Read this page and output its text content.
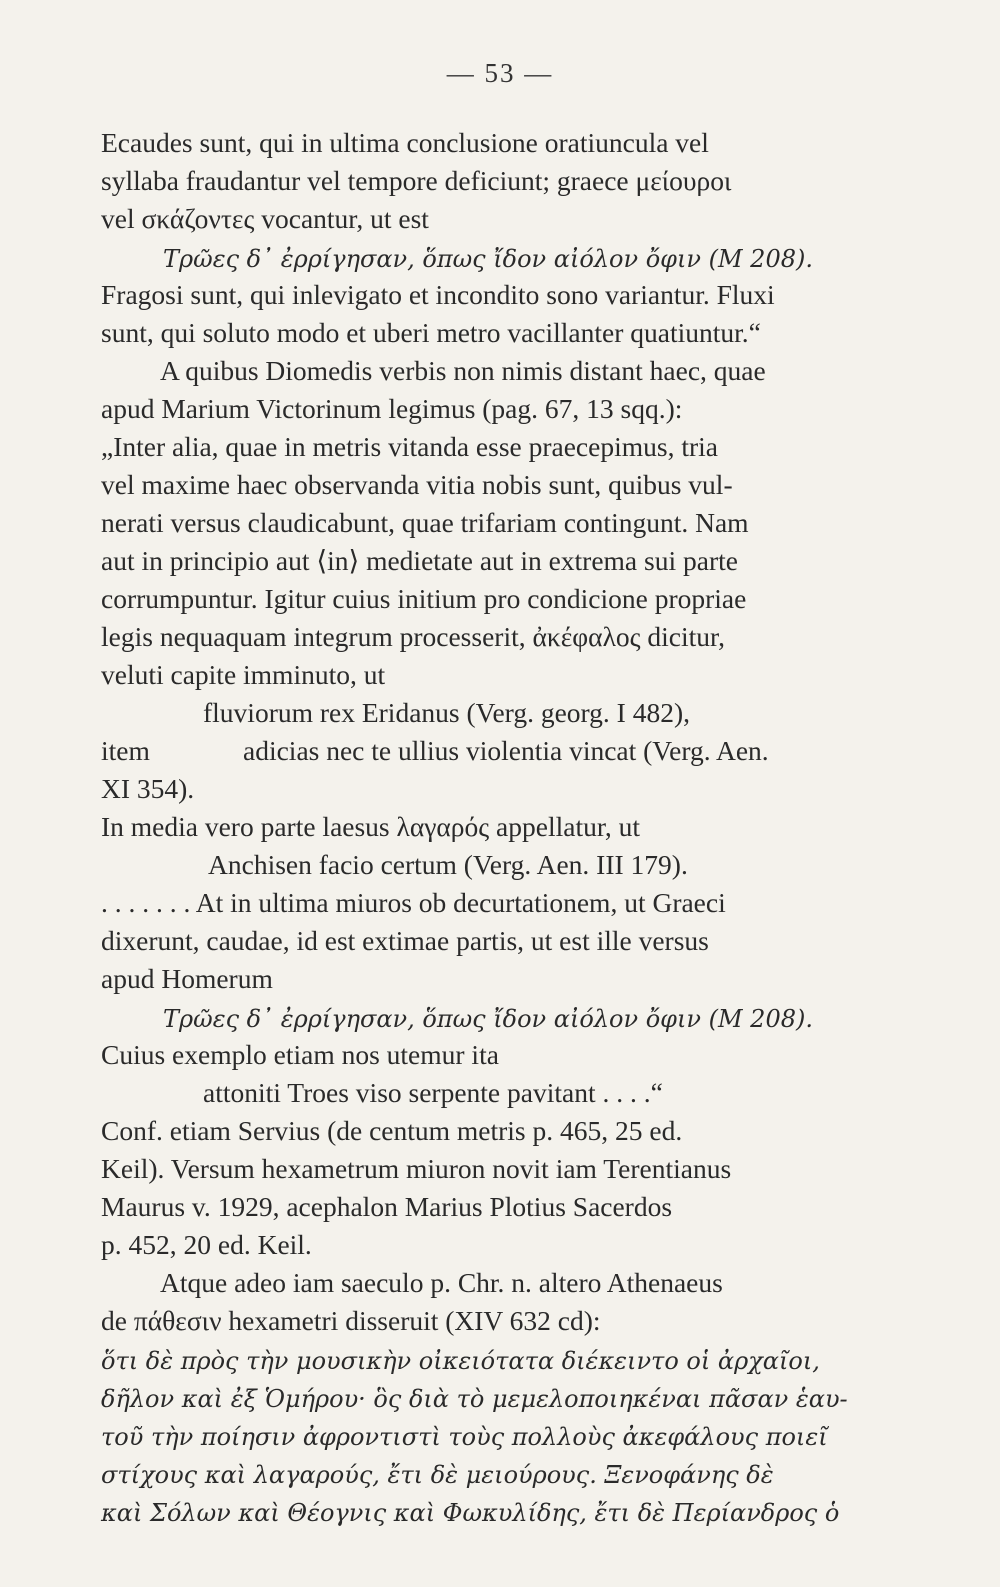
— 53 —
Ecaudes sunt, qui in ultima conclusione oratiuncula vel
syllaba fraudantur vel tempore deficiunt; graece μείουροι
vel σκάζοντες vocantur, ut est
Τρῶες δ᾽ ἐρρίγησαν, ὅπως ἴδον αἰόλον ὄφιν (M 208).
Fragosi sunt, qui inlevigato et incondito sono variantur. Fluxi
sunt, qui soluto modo et uberi metro vacillanter quatiuntur.“
A quibus Diomedis verbis non nimis distant haec, quae
apud Marium Victorinum legimus (pag. 67, 13 sqq.):
„Inter alia, quae in metris vitanda esse praecepimus, tria
vel maxime haec observanda vitia nobis sunt, quibus vul-
nerati versus claudicabunt, quae trifariam contingunt. Nam
aut in principio aut ⟨in⟩ medietate aut in extrema sui parte
corrumpuntur. Igitur cuius initium pro condicione propriae
legis nequaquam integrum processerit, ἀκέφαλος dicitur,
veluti capite imminuto, ut
fluviorum rex Eridanus (Verg. georg. I 482),
item	adicias nec te ullius violentia vincat (Verg. Aen.
XI 354).
In media vero parte laesus λαγαρός appellatur, ut
Anchisen facio certum (Verg. Aen. III 179).
. . . . . . . At in ultima miuros ob decurtationem, ut Graeci
dixerunt, caudae, id est extimae partis, ut est ille versus
apud Homerum
Τρῶες δ᾽ ἐρρίγησαν, ὅπως ἴδον αἰόλον ὄφιν (M 208).
Cuius exemplo etiam nos utemur ita
attoniti Troes viso serpente pavitant . . . .“
Conf. etiam Servius (de centum metris p. 465, 25 ed.
Keil). Versum hexametrum miuron novit iam Terentianus
Maurus v. 1929, acephalon Marius Plotius Sacerdos
p. 452, 20 ed. Keil.
Atque adeo iam saeculo p. Chr. n. altero Athenaeus
de πάθεσιν hexametri disseruit (XIV 632 cd):
ὅτι δὲ πρὸς τὴν μουσικὴν οἰκειότατα διέκειντο οἱ ἀρχαῖοι,
δῆλον καὶ ἐξ Ὁμήρου· ὃς διὰ τὸ μεμελοποιηκέναι πᾶσαν ἑαυ-
τοῦ τὴν ποίησιν ἀφροντιστὶ τοὺς πολλοὺς ἀκεφάλους ποιεῖ
στίχους καὶ λαγαρούς, ἔτι δὲ μειούρους. Ξενοφάνης δὲ
καὶ Σόλων καὶ Θέογνις καὶ Φωκυλίδης, ἔτι δὲ Περίανδρος ὁ
